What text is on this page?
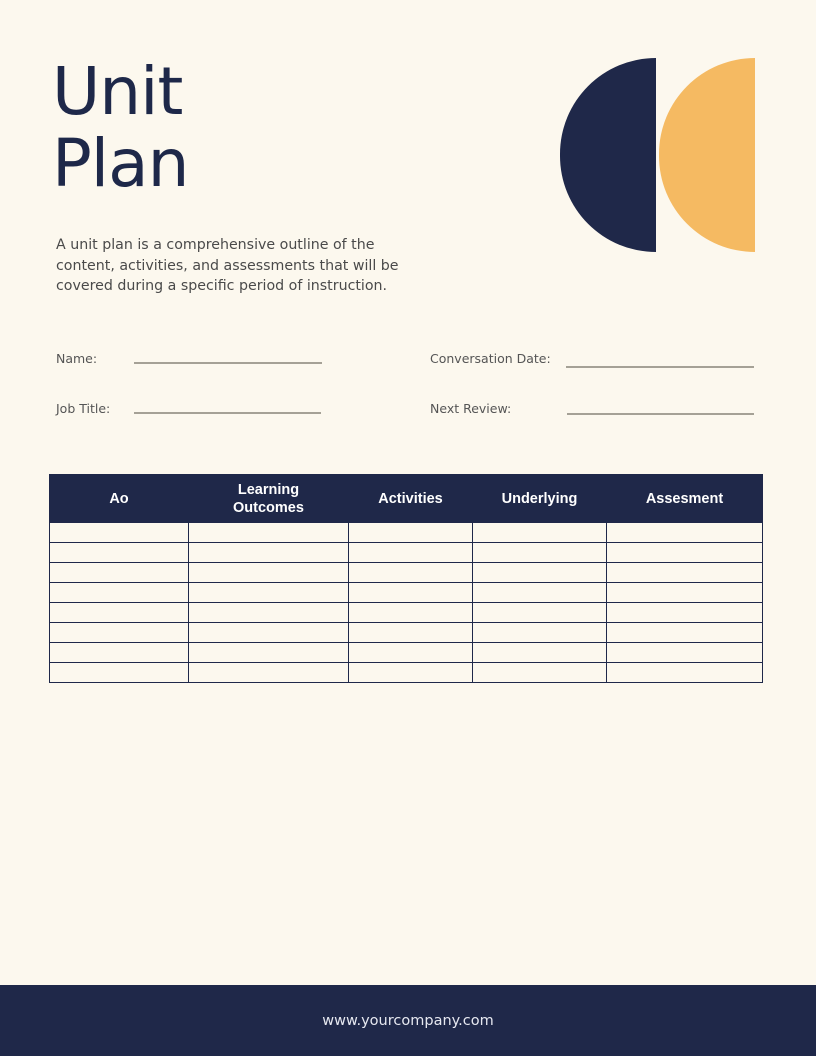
Unit
Plan
A unit plan is a comprehensive outline of the content, activities, and assessments that will be covered during a specific period of instruction.
Name:
Job Title:
Conversation Date:
Next Review:
Ao	Learning Outcomes	Activities	Underlying	Assesment

www.yourcompany.com
